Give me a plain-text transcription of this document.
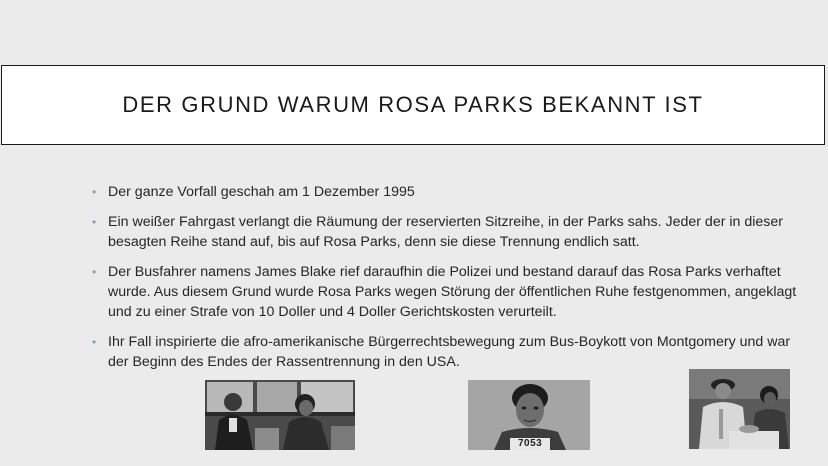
DER GRUND WARUM ROSA PARKS BEKANNT IST
• Der ganze Vorfall geschah am 1 Dezember 1995
• Ein weißer Fahrgast verlangt die Räumung der reservierten Sitzreihe, in der Parks sahs. Jeder der in dieser besagten Reihe stand auf, bis auf Rosa Parks, denn sie diese Trennung endlich satt.
• Der Busfahrer namens James Blake rief daraufhin die Polizei und bestand darauf das Rosa Parks verhaftet wurde. Aus diesem Grund wurde Rosa Parks wegen Störung der öffentlichen Ruhe festgenommen, angeklagt und zu einer Strafe von 10 Doller und 4 Doller Gerichtskosten verurteilt.
• Ihr Fall inspirierte die afro-amerikanische Bürgerrechtsbewegung zum Bus-Boykott von Montgomery und war der Beginn des Endes der Rassentrennung in den USA.
7053
